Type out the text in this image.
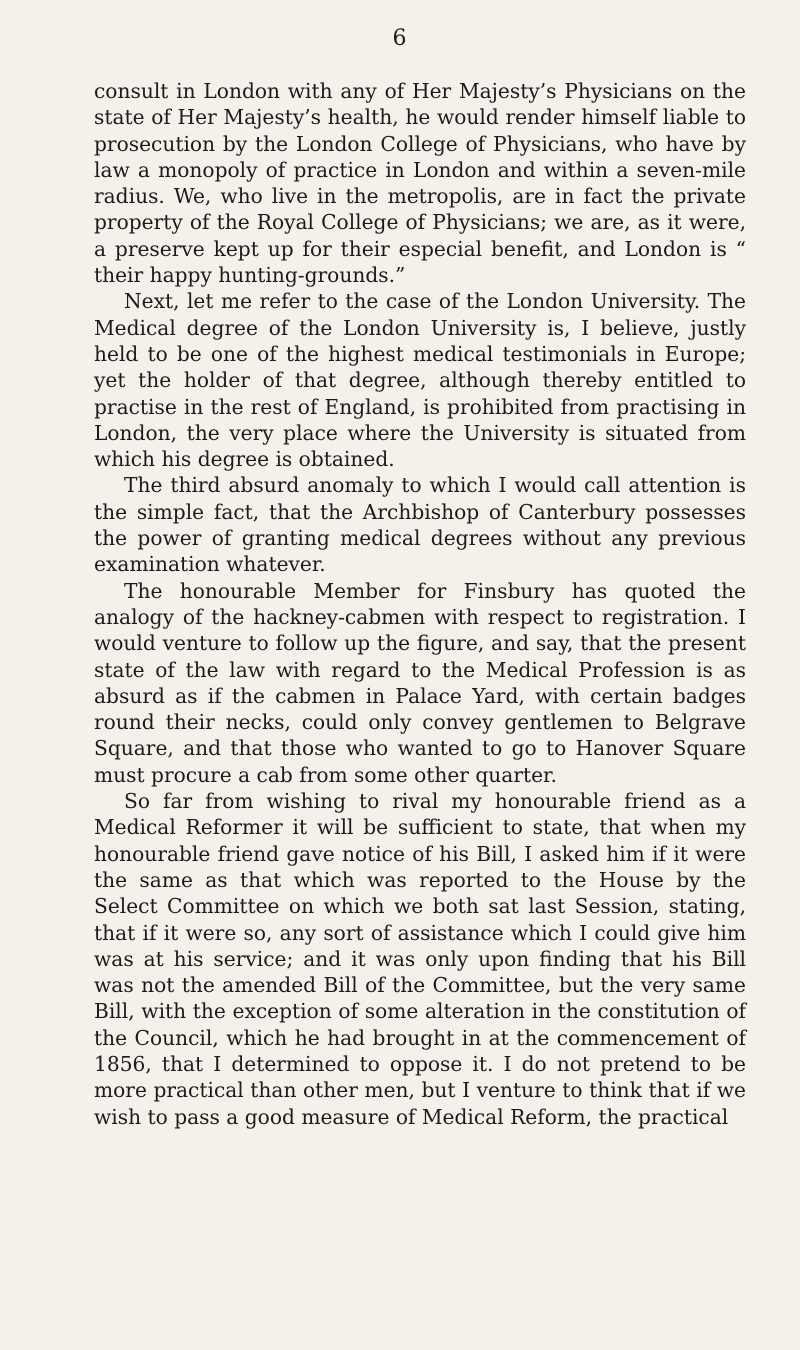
6

consult in London with any of Her Majesty’s Physicians on the state of Her Majesty’s health, he would render himself liable to prosecution by the London College of Physicians, who have by law a monopoly of practice in London and within a seven-mile radius. We, who live in the metropolis, are in fact the private property of the Royal College of Physicians; we are, as it were, a preserve kept up for their especial benefit, and London is “ their happy hunting-grounds.”

Next, let me refer to the case of the London University. The Medical degree of the London University is, I believe, justly held to be one of the highest medical testimonials in Europe; yet the holder of that degree, although thereby entitled to practise in the rest of England, is prohibited from practising in London, the very place where the University is situated from which his degree is obtained.

The third absurd anomaly to which I would call attention is the simple fact, that the Archbishop of Canterbury possesses the power of granting medical degrees without any previous examination whatever.

The honourable Member for Finsbury has quoted the analogy of the hackney-cabmen with respect to registration. I would venture to follow up the figure, and say, that the present state of the law with regard to the Medical Profession is as absurd as if the cabmen in Palace Yard, with certain badges round their necks, could only convey gentlemen to Belgrave Square, and that those who wanted to go to Hanover Square must procure a cab from some other quarter.

So far from wishing to rival my honourable friend as a Medical Reformer it will be sufficient to state, that when my honourable friend gave notice of his Bill, I asked him if it were the same as that which was reported to the House by the Select Committee on which we both sat last Session, stating, that if it were so, any sort of assistance which I could give him was at his service; and it was only upon finding that his Bill was not the amended Bill of the Committee, but the very same Bill, with the exception of some alteration in the constitution of the Council, which he had brought in at the commencement of 1856, that I determined to oppose it. I do not pretend to be more practical than other men, but I venture to think that if we wish to pass a good measure of Medical Reform, the practical
